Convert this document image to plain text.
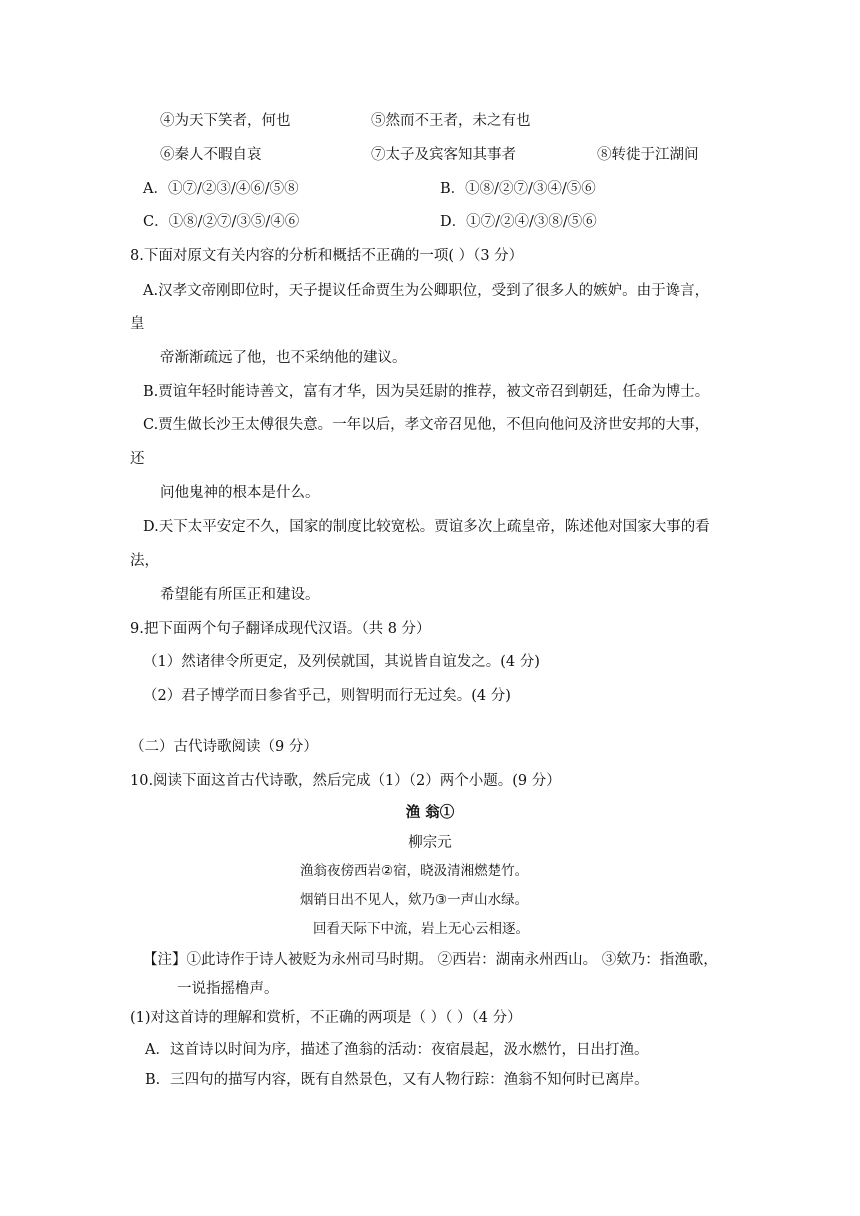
④为天下笑者，何也	⑤然而不王者，未之有也
⑥秦人不暇自哀	⑦太子及宾客知其事者	⑧转徙于江湖间
A．①⑦/②③/④⑥/⑤⑧	B．①⑧/②⑦/③④/⑤⑥
C．①⑧/②⑦/③⑤/④⑥	D．①⑦/②④/③⑧/⑤⑥
8.下面对原文有关内容的分析和概括不正确的一项( ）（3 分）
A.汉孝文帝刚即位时，天子提议任命贾生为公卿职位，受到了很多人的嫉妒。由于谗言，
皇
帝渐渐疏远了他，也不采纳他的建议。
B.贾谊年轻时能诗善文，富有才华，因为吴廷尉的推荐，被文帝召到朝廷，任命为博士。
C.贾生做长沙王太傅很失意。一年以后，孝文帝召见他，不但向他问及济世安邦的大事，
还
问他鬼神的根本是什么。
D.天下太平安定不久，国家的制度比较宽松。贾谊多次上疏皇帝，陈述他对国家大事的看
法，
希望能有所匡正和建设。
9.把下面两个句子翻译成现代汉语。（共 8 分）
（1）然诸律令所更定，及列侯就国，其说皆自谊发之。(4 分)
（2）君子博学而日参省乎己，则智明而行无过矣。(4 分)
（二）古代诗歌阅读（9 分）
10.阅读下面这首古代诗歌，然后完成（1）（2）两个小题。(9 分）
渔 翁①
柳宗元
渔翁夜傍西岩②宿，晓汲清湘燃楚竹。
烟销日出不见人，欸乃③一声山水绿。
回看天际下中流，岩上无心云相逐。
【注】①此诗作于诗人被贬为永州司马时期。 ②西岩：湖南永州西山。 ③欸乃：指渔歌，
一说指摇橹声。
(1)对这首诗的理解和赏析，不正确的两项是（ ）（ ）（4 分）
A．这首诗以时间为序，描述了渔翁的活动：夜宿晨起，汲水燃竹，日出打渔。
B．三四句的描写内容，既有自然景色，又有人物行踪：渔翁不知何时已离岸。
